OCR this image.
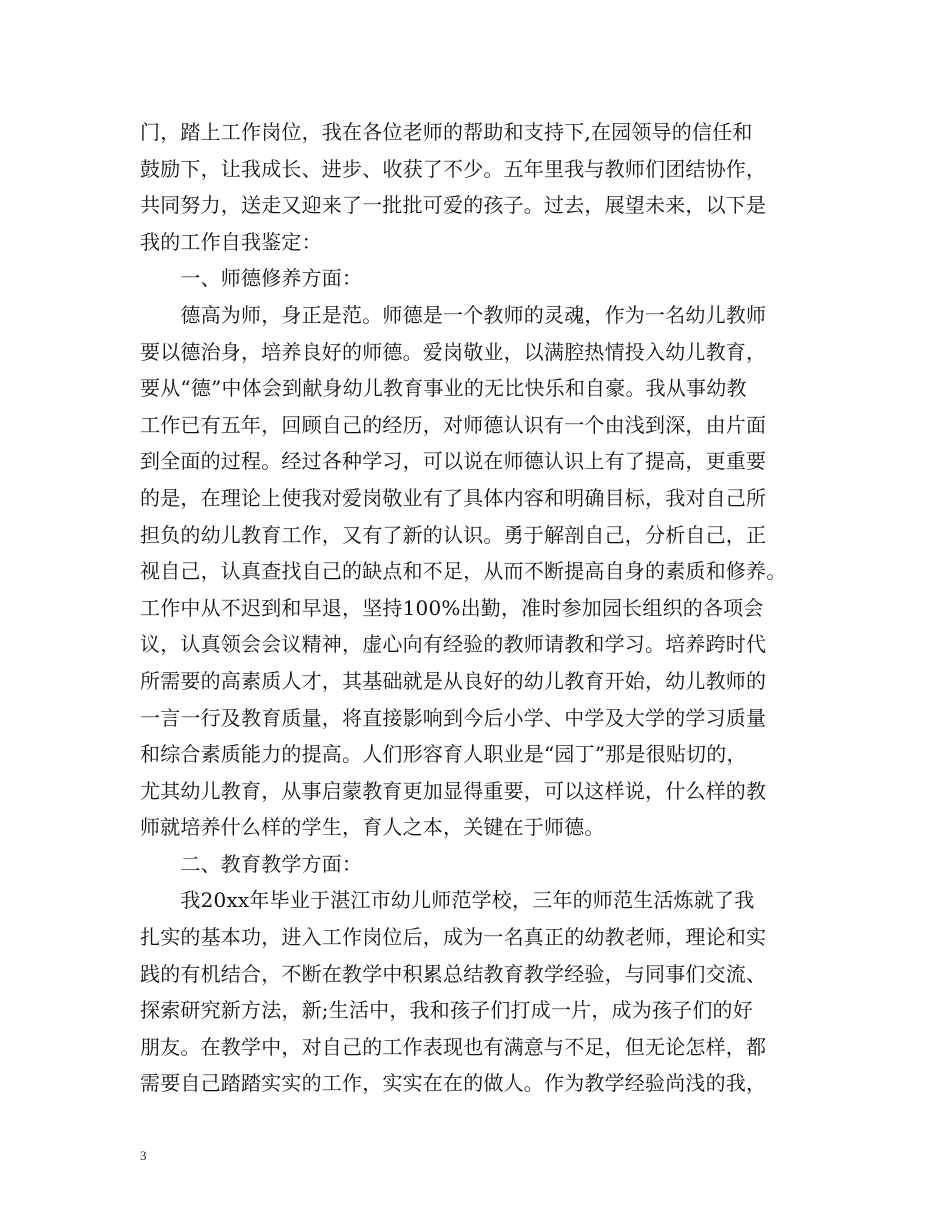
门，踏上工作岗位，我在各位老师的帮助和支持下,在园领导的信任和
鼓励下，让我成长、进步、收获了不少。五年里我与教师们团结协作，
共同努力，送走又迎来了一批批可爱的孩子。过去，展望未来，以下是
我的工作自我鉴定：
　　一、师德修养方面：
　　德高为师，身正是范。师德是一个教师的灵魂，作为一名幼儿教师
要以德治身，培养良好的师德。爱岗敬业，以满腔热情投入幼儿教育，
要从“德”中体会到献身幼儿教育事业的无比快乐和自豪。我从事幼教
工作已有五年，回顾自己的经历，对师德认识有一个由浅到深，由片面
到全面的过程。经过各种学习，可以说在师德认识上有了提高，更重要
的是，在理论上使我对爱岗敬业有了具体内容和明确目标，我对自己所
担负的幼儿教育工作，又有了新的认识。勇于解剖自己，分析自己，正
视自己，认真查找自己的缺点和不足，从而不断提高自身的素质和修养。
工作中从不迟到和早退，坚持100%出勤，准时参加园长组织的各项会
议，认真领会会议精神，虚心向有经验的教师请教和学习。培养跨时代
所需要的高素质人才，其基础就是从良好的幼儿教育开始，幼儿教师的
一言一行及教育质量，将直接影响到今后小学、中学及大学的学习质量
和综合素质能力的提高。人们形容育人职业是“园丁”那是很贴切的，
尤其幼儿教育，从事启蒙教育更加显得重要，可以这样说，什么样的教
师就培养什么样的学生，育人之本，关键在于师德。
　　二、教育教学方面：
　　我20xx年毕业于湛江市幼儿师范学校，三年的师范生活炼就了我
扎实的基本功，进入工作岗位后，成为一名真正的幼教老师，理论和实
践的有机结合，不断在教学中积累总结教育教学经验，与同事们交流、
探索研究新方法，新;生活中，我和孩子们打成一片，成为孩子们的好
朋友。在教学中，对自己的工作表现也有满意与不足，但无论怎样，都
需要自己踏踏实实的工作，实实在在的做人。作为教学经验尚浅的我，
3
